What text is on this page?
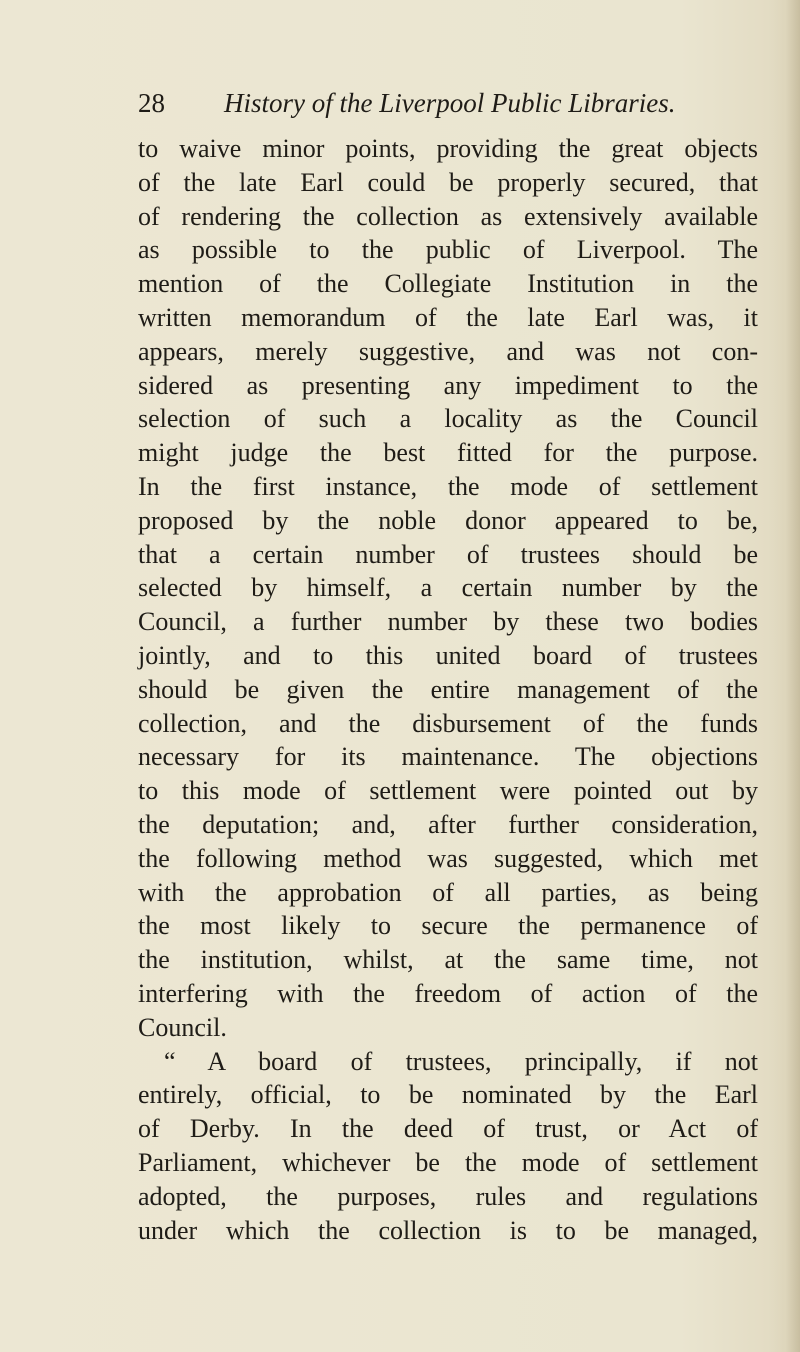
28 History of the Liverpool Public Libraries.
to waive minor points, providing the great objects
of the late Earl could be properly secured, that
of rendering the collection as extensively available
as possible to the public of Liverpool. The
mention of the Collegiate Institution in the
written memorandum of the late Earl was, it
appears, merely suggestive, and was not con-
sidered as presenting any impediment to the
selection of such a locality as the Council
might judge the best fitted for the purpose.
In the first instance, the mode of settlement
proposed by the noble donor appeared to be,
that a certain number of trustees should be
selected by himself, a certain number by the
Council, a further number by these two bodies
jointly, and to this united board of trustees
should be given the entire management of the
collection, and the disbursement of the funds
necessary for its maintenance. The objections
to this mode of settlement were pointed out by
the deputation; and, after further consideration,
the following method was suggested, which met
with the approbation of all parties, as being
the most likely to secure the permanence of
the institution, whilst, at the same time, not
interfering with the freedom of action of the
Council.
“ A board of trustees, principally, if not
entirely, official, to be nominated by the Earl
of Derby. In the deed of trust, or Act of
Parliament, whichever be the mode of settlement
adopted, the purposes, rules and regulations
under which the collection is to be managed,
